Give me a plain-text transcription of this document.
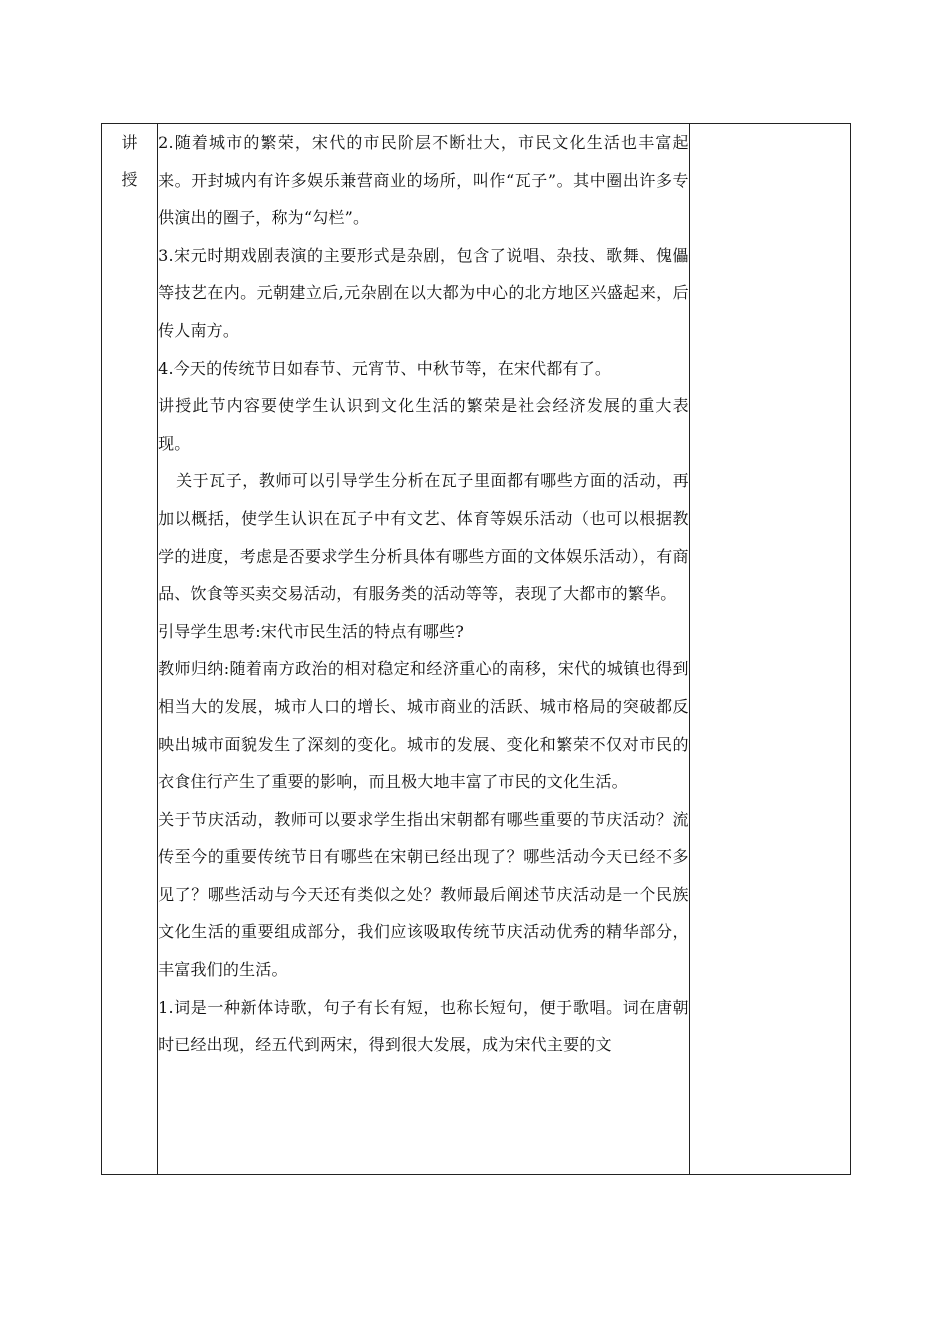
讲
授

2.随着城市的繁荣，宋代的市民阶层不断壮大，市民文化生活也丰富起来。开封城内有许多娱乐兼营商业的场所，叫作“瓦子”。其中圈出许多专供演出的圈子，称为“勾栏”。

3.宋元时期戏剧表演的主要形式是杂剧，包含了说唱、杂技、歌舞、傀儡等技艺在内。元朝建立后,元杂剧在以大都为中心的北方地区兴盛起来，后传人南方。

4.今天的传统节日如春节、元宵节、中秋节等，在宋代都有了。

讲授此节内容要使学生认识到文化生活的繁荣是社会经济发展的重大表现。

关于瓦子，教师可以引导学生分析在瓦子里面都有哪些方面的活动，再加以概括，使学生认识在瓦子中有文艺、体育等娱乐活动（也可以根据教学的进度，考虑是否要求学生分析具体有哪些方面的文体娱乐活动），有商品、饮食等买卖交易活动，有服务类的活动等等，表现了大都市的繁华。

引导学生思考:宋代市民生活的特点有哪些?

教师归纳:随着南方政治的相对稳定和经济重心的南移，宋代的城镇也得到相当大的发展，城市人口的增长、城市商业的活跃、城市格局的突破都反映出城市面貌发生了深刻的变化。城市的发展、变化和繁荣不仅对市民的衣食住行产生了重要的影响，而且极大地丰富了市民的文化生活。

关于节庆活动，教师可以要求学生指出宋朝都有哪些重要的节庆活动？流传至今的重要传统节日有哪些在宋朝已经出现了？哪些活动今天已经不多见了？哪些活动与今天还有类似之处？教师最后阐述节庆活动是一个民族文化生活的重要组成部分，我们应该吸取传统节庆活动优秀的精华部分，丰富我们的生活。

1.词是一种新体诗歌，句子有长有短，也称长短句，便于歌唱。词在唐朝时已经出现，经五代到两宋，得到很大发展，成为宋代主要的文
